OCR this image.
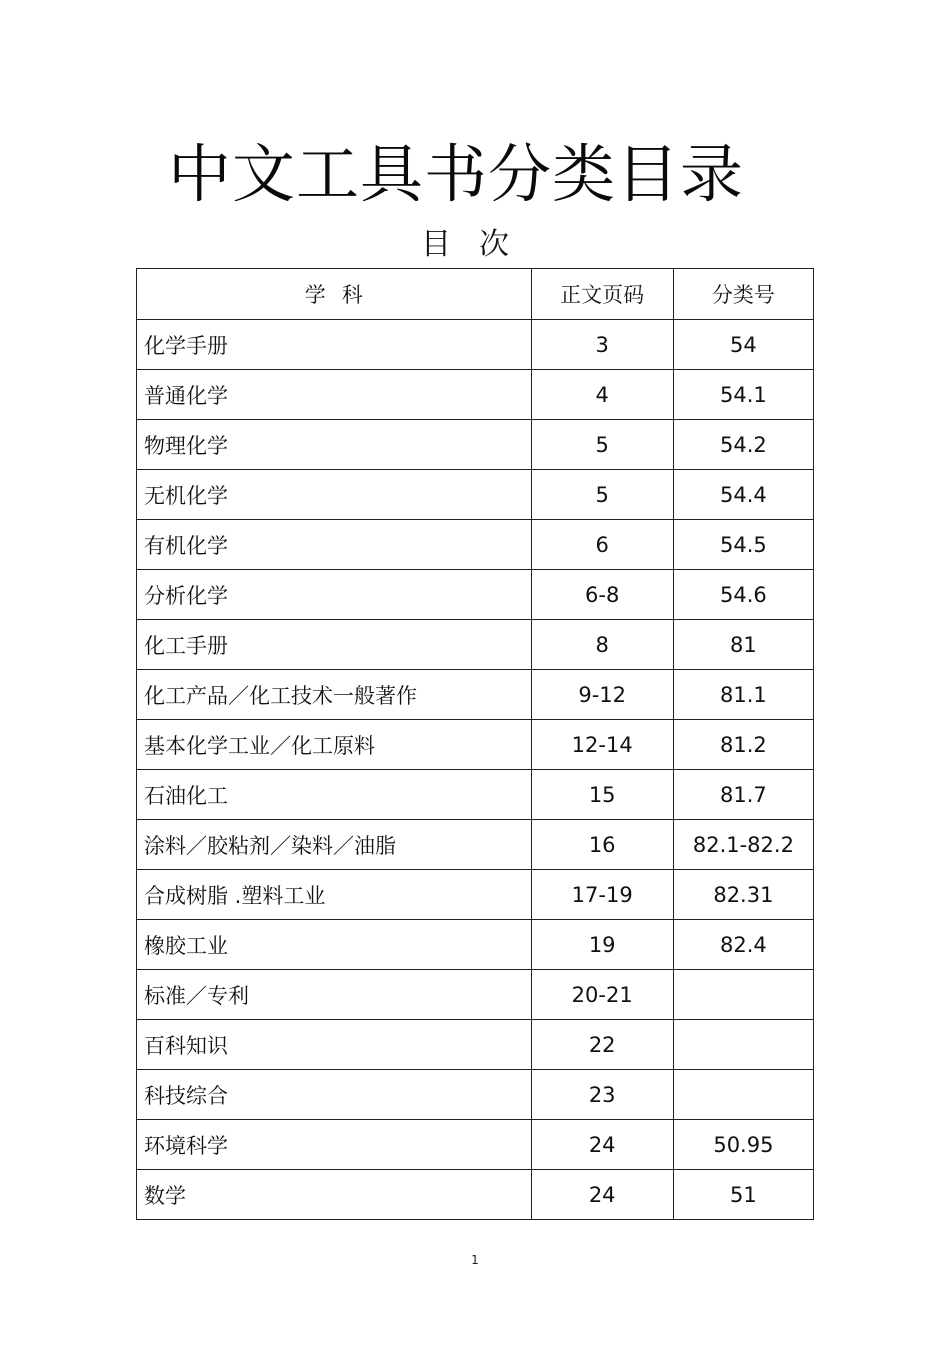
中文工具书分类目录
目次
学科	正文页码	分类号
化学手册	3	54
普通化学	4	54.1
物理化学	5	54.2
无机化学	5	54.4
有机化学	6	54.5
分析化学	6-8	54.6
化工手册	8	81
化工产品／化工技术一般著作	9-12	81.1
基本化学工业／化工原料	12-14	81.2
石油化工	15	81.7
涂料／胶粘剂／染料／油脂	16	82.1-82.2
合成树脂 .塑料工业	17-19	82.31
橡胶工业	19	82.4
标准／专利	20-21	
百科知识	22	
科技综合	23	
环境科学	24	50.95
数学	24	51
1
